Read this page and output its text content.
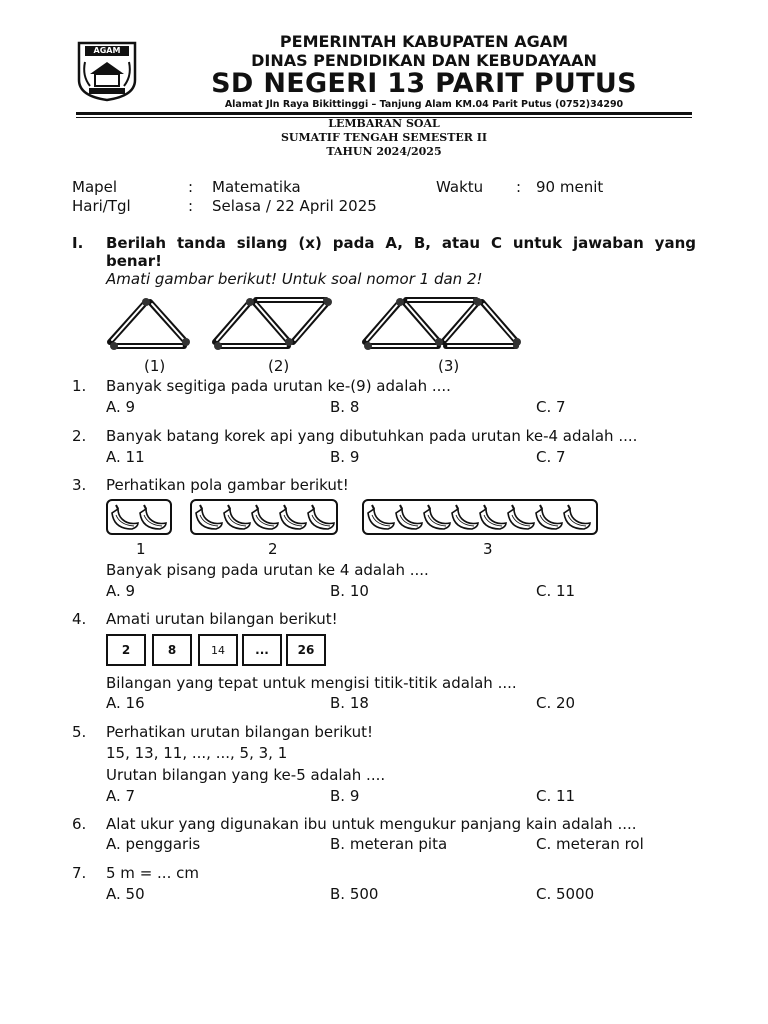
AGAM	PEMERINTAH KABUPATEN AGAM
DINAS PENDIDIKAN DAN KEBUDAYAAN
SD NEGERI 13 PARIT PUTUS
Alamat Jln Raya Bikittinggi – Tanjung Alam KM.04 Parit Putus (0752)34290
LEMBARAN SOAL
SUMATIF TENGAH SEMESTER II
TAHUN 2024/2025
Mapel	: Matematika	Waktu : 90 menit
Hari/Tgl	: Selasa / 22 April 2025
I. Berilah tanda silang (x) pada A, B, atau C untuk jawaban yang
benar!
Amati gambar berikut! Untuk soal nomor 1 dan 2!
(1)	(2)	(3)
1. Banyak segitiga pada urutan ke-(9) adalah ....
A. 9	B. 8	C. 7
2. Banyak batang korek api yang dibutuhkan pada urutan ke-4 adalah ....
A. 11	B. 9	C. 7
3. Perhatikan pola gambar berikut!
1	2	3
Banyak pisang pada urutan ke 4 adalah ....
A. 9	B. 10	C. 11
4. Amati urutan bilangan berikut!
2	8	14	...	26
Bilangan yang tepat untuk mengisi titik-titik adalah ....
A. 16	B. 18	C. 20
5. Perhatikan urutan bilangan berikut!
15, 13, 11, ..., ..., 5, 3, 1
Urutan bilangan yang ke-5 adalah ....
A. 7	B. 9	C. 11
6. Alat ukur yang digunakan ibu untuk mengukur panjang kain adalah ....
A. penggaris	B. meteran pita	C. meteran rol
7. 5 m = ... cm
A. 50	B. 500	C. 5000
